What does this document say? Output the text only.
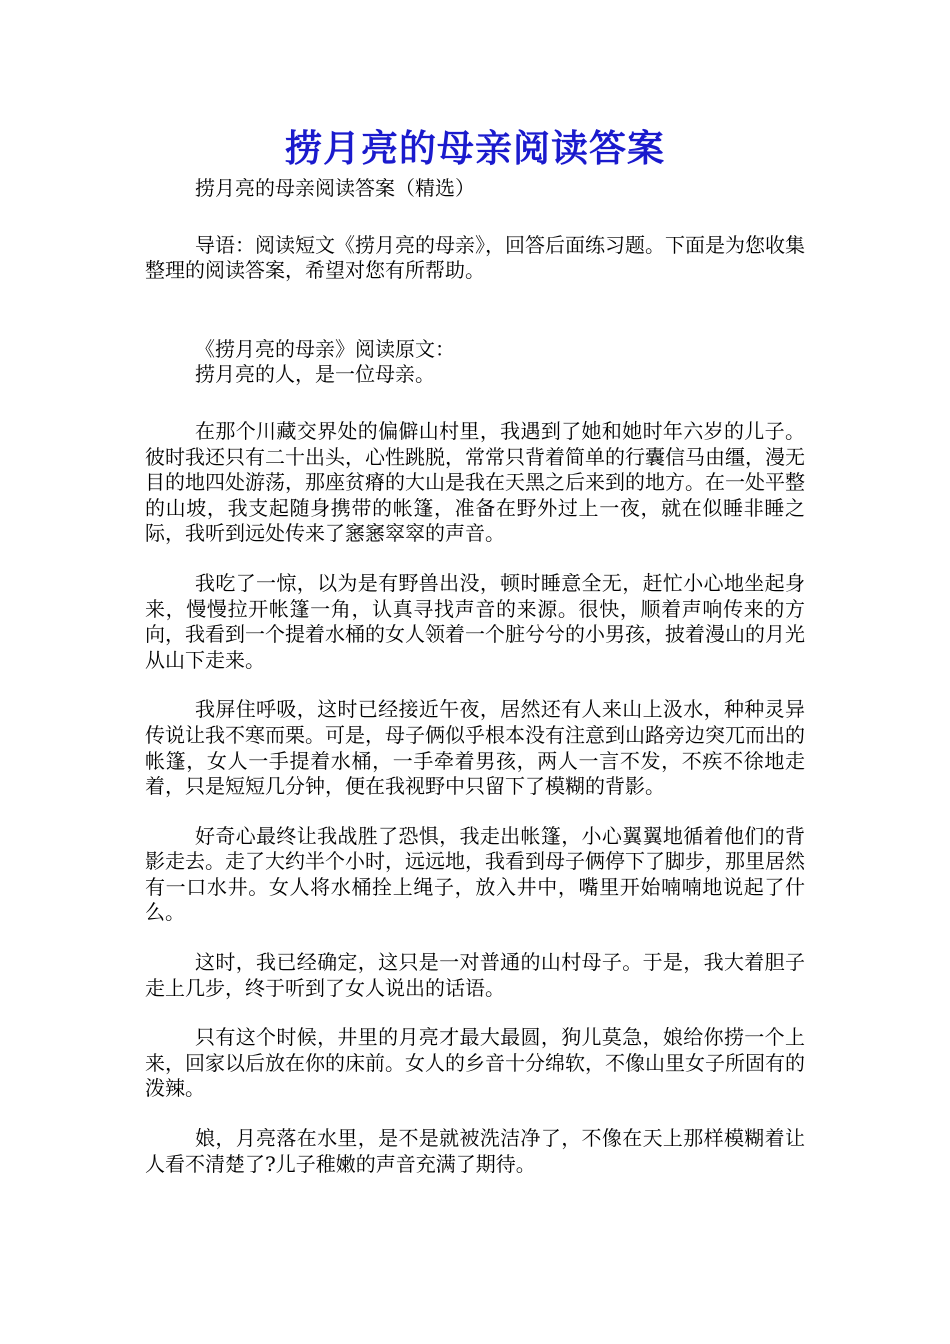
捞月亮的母亲阅读答案

捞月亮的母亲阅读答案（精选）

导语：阅读短文《捞月亮的母亲》，回答后面练习题。下面是为您收集整理的阅读答案，希望对您有所帮助。

《捞月亮的母亲》阅读原文：

捞月亮的人，是一位母亲。

在那个川藏交界处的偏僻山村里，我遇到了她和她时年六岁的儿子。彼时我还只有二十出头，心性跳脱，常常只背着简单的行囊信马由缰，漫无目的地四处游荡，那座贫瘠的大山是我在天黑之后来到的地方。在一处平整的山坡，我支起随身携带的帐篷，准备在野外过上一夜，就在似睡非睡之际，我听到远处传来了窸窸窣窣的声音。

我吃了一惊，以为是有野兽出没，顿时睡意全无，赶忙小心地坐起身来，慢慢拉开帐篷一角，认真寻找声音的来源。很快，顺着声响传来的方向，我看到一个提着水桶的女人领着一个脏兮兮的小男孩，披着漫山的月光从山下走来。

我屏住呼吸，这时已经接近午夜，居然还有人来山上汲水，种种灵异传说让我不寒而栗。可是，母子俩似乎根本没有注意到山路旁边突兀而出的帐篷，女人一手提着水桶，一手牵着男孩，两人一言不发，不疾不徐地走着，只是短短几分钟，便在我视野中只留下了模糊的背影。

好奇心最终让我战胜了恐惧，我走出帐篷，小心翼翼地循着他们的背影走去。走了大约半个小时，远远地，我看到母子俩停下了脚步，那里居然有一口水井。女人将水桶拴上绳子，放入井中，嘴里开始喃喃地说起了什么。

这时，我已经确定，这只是一对普通的山村母子。于是，我大着胆子走上几步，终于听到了女人说出的话语。

只有这个时候，井里的月亮才最大最圆，狗儿莫急，娘给你捞一个上来，回家以后放在你的床前。女人的乡音十分绵软，不像山里女子所固有的泼辣。

娘，月亮落在水里，是不是就被洗洁净了，不像在天上那样模糊着让人看不清楚了?儿子稚嫩的声音充满了期待。
